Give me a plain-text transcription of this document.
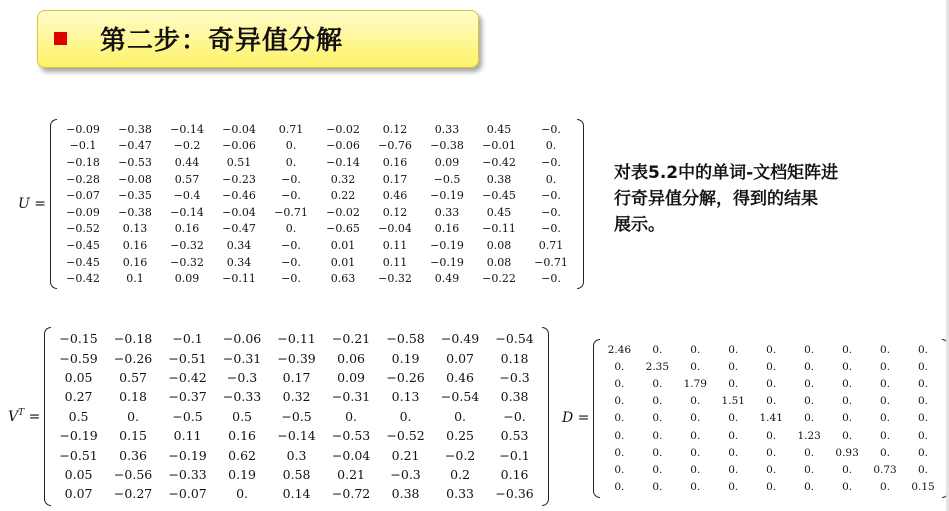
第二步：奇异值分解
U =
−0.09	−0.38	−0.14	−0.04	0.71	−0.02	0.12	0.33	0.45	−0.
−0.1	−0.47	−0.2	−0.06	0.	−0.06	−0.76	−0.38	−0.01	0.
−0.18	−0.53	0.44	0.51	0.	−0.14	0.16	0.09	−0.42	−0.
−0.28	−0.08	0.57	−0.23	−0.	0.32	0.17	−0.5	0.38	0.
−0.07	−0.35	−0.4	−0.46	−0.	0.22	0.46	−0.19	−0.45	−0.
−0.09	−0.38	−0.14	−0.04	−0.71	−0.02	0.12	0.33	0.45	−0.
−0.52	0.13	0.16	−0.47	0.	−0.65	−0.04	0.16	−0.11	−0.
−0.45	0.16	−0.32	0.34	−0.	0.01	0.11	−0.19	0.08	0.71
−0.45	0.16	−0.32	0.34	−0.	0.01	0.11	−0.19	0.08	−0.71
−0.42	0.1	0.09	−0.11	−0.	0.63	−0.32	0.49	−0.22	−0.
$V^T$ =
−0.15	−0.18	−0.1	−0.06	−0.11	−0.21	−0.58	−0.49	−0.54
−0.59	−0.26	−0.51	−0.31	−0.39	0.06	0.19	0.07	0.18
0.05	0.57	−0.42	−0.3	0.17	0.09	−0.26	0.46	−0.3
0.27	0.18	−0.37	−0.33	0.32	−0.31	0.13	−0.54	0.38
0.5	0.	−0.5	0.5	−0.5	0.	0.	0.	−0.
−0.19	0.15	0.11	0.16	−0.14	−0.53	−0.52	0.25	0.53
−0.51	0.36	−0.19	0.62	0.3	−0.04	0.21	−0.2	−0.1
0.05	−0.56	−0.33	0.19	0.58	0.21	−0.3	0.2	0.16
0.07	−0.27	−0.07	0.	0.14	−0.72	0.38	0.33	−0.36
D =
2.46	0.	0.	0.	0.	0.	0.	0.	0.
0.	2.35	0.	0.	0.	0.	0.	0.	0.
0.	0.	1.79	0.	0.	0.	0.	0.	0.
0.	0.	0.	1.51	0.	0.	0.	0.	0.
0.	0.	0.	0.	1.41	0.	0.	0.	0.
0.	0.	0.	0.	0.	1.23	0.	0.	0.
0.	0.	0.	0.	0.	0.	0.93	0.	0.
0.	0.	0.	0.	0.	0.	0.	0.73	0.
0.	0.	0.	0.	0.	0.	0.	0.	0.15
对表5.2中的单词-文档矩阵进
行奇异值分解，得到的结果
展示。
